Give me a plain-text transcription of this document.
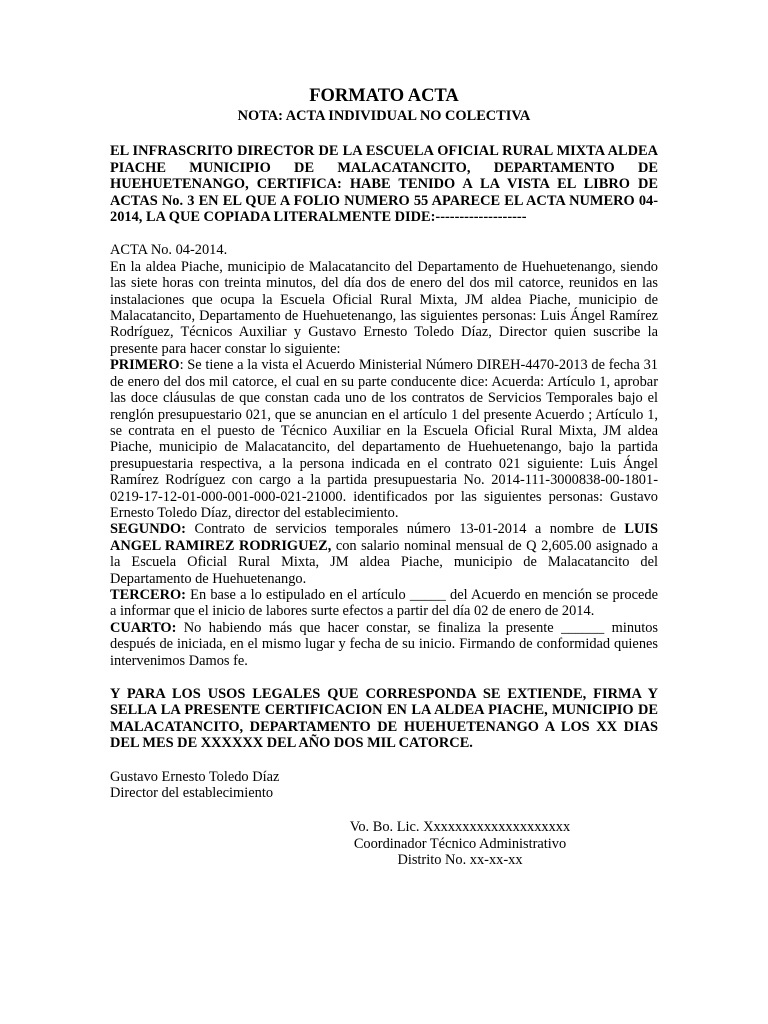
FORMATO ACTA
NOTA: ACTA INDIVIDUAL NO COLECTIVA
EL INFRASCRITO DIRECTOR DE LA ESCUELA OFICIAL RURAL MIXTA ALDEA PIACHE MUNICIPIO DE MALACATANCITO, DEPARTAMENTO DE HUEHUETENANGO, CERTIFICA: HABE TENIDO A LA VISTA EL LIBRO DE ACTAS No. 3 EN EL QUE A FOLIO NUMERO 55 APARECE EL ACTA NUMERO 04-2014, LA QUE COPIADA LITERALMENTE DIDE:-------------------
ACTA No. 04-2014.
En la aldea Piache, municipio de Malacatancito del Departamento de Huehuetenango, siendo las siete horas con treinta minutos, del día dos de enero del dos mil catorce, reunidos en las instalaciones que ocupa la Escuela Oficial Rural Mixta, JM aldea Piache, municipio de Malacatancito, Departamento de Huehuetenango, las siguientes personas: Luis Ángel Ramírez Rodríguez, Técnicos Auxiliar y Gustavo Ernesto Toledo Díaz, Director quien suscribe la presente para hacer constar lo siguiente:
PRIMERO: Se tiene a la vista el Acuerdo Ministerial Número DIREH-4470-2013 de fecha 31 de enero del dos mil catorce, el cual en su parte conducente dice: Acuerda: Artículo 1, aprobar las doce cláusulas de que constan cada uno de los contratos de Servicios Temporales bajo el renglón presupuestario 021, que se anuncian en el artículo 1 del presente Acuerdo ; Artículo 1, se contrata en el puesto de Técnico Auxiliar en la Escuela Oficial Rural Mixta, JM aldea Piache, municipio de Malacatancito, del departamento de Huehuetenango, bajo la partida presupuestaria respectiva, a la persona indicada en el contrato 021 siguiente: Luis Ángel Ramírez Rodríguez con cargo a la partida presupuestaria No. 2014-111-3000838-00-1801-0219-17-12-01-000-001-000-021-21000. identificados por las siguientes personas: Gustavo Ernesto Toledo Díaz, director del establecimiento.
SEGUNDO: Contrato de servicios temporales número 13-01-2014 a nombre de LUIS ANGEL RAMIREZ RODRIGUEZ, con salario nominal mensual de Q 2,605.00 asignado a la Escuela Oficial Rural Mixta, JM aldea Piache, municipio de Malacatancito del Departamento de Huehuetenango.
TERCERO: En base a lo estipulado en el artículo _____ del Acuerdo en mención se procede a informar que el inicio de labores surte efectos a partir del día 02 de enero de 2014.
CUARTO: No habiendo más que hacer constar, se finaliza la presente ______ minutos después de iniciada, en el mismo lugar y fecha de su inicio. Firmando de conformidad quienes intervenimos Damos fe.
Y PARA LOS USOS LEGALES QUE CORRESPONDA SE EXTIENDE, FIRMA Y SELLA LA PRESENTE CERTIFICACION EN LA ALDEA PIACHE, MUNICIPIO DE MALACATANCITO, DEPARTAMENTO DE HUEHUETENANGO A LOS XX DIAS DEL MES DE XXXXXX DEL AÑO DOS MIL CATORCE.
Gustavo Ernesto Toledo Díaz
Director del establecimiento
Vo. Bo. Lic. Xxxxxxxxxxxxxxxxxxxx
Coordinador Técnico Administrativo
Distrito No. xx-xx-xx
